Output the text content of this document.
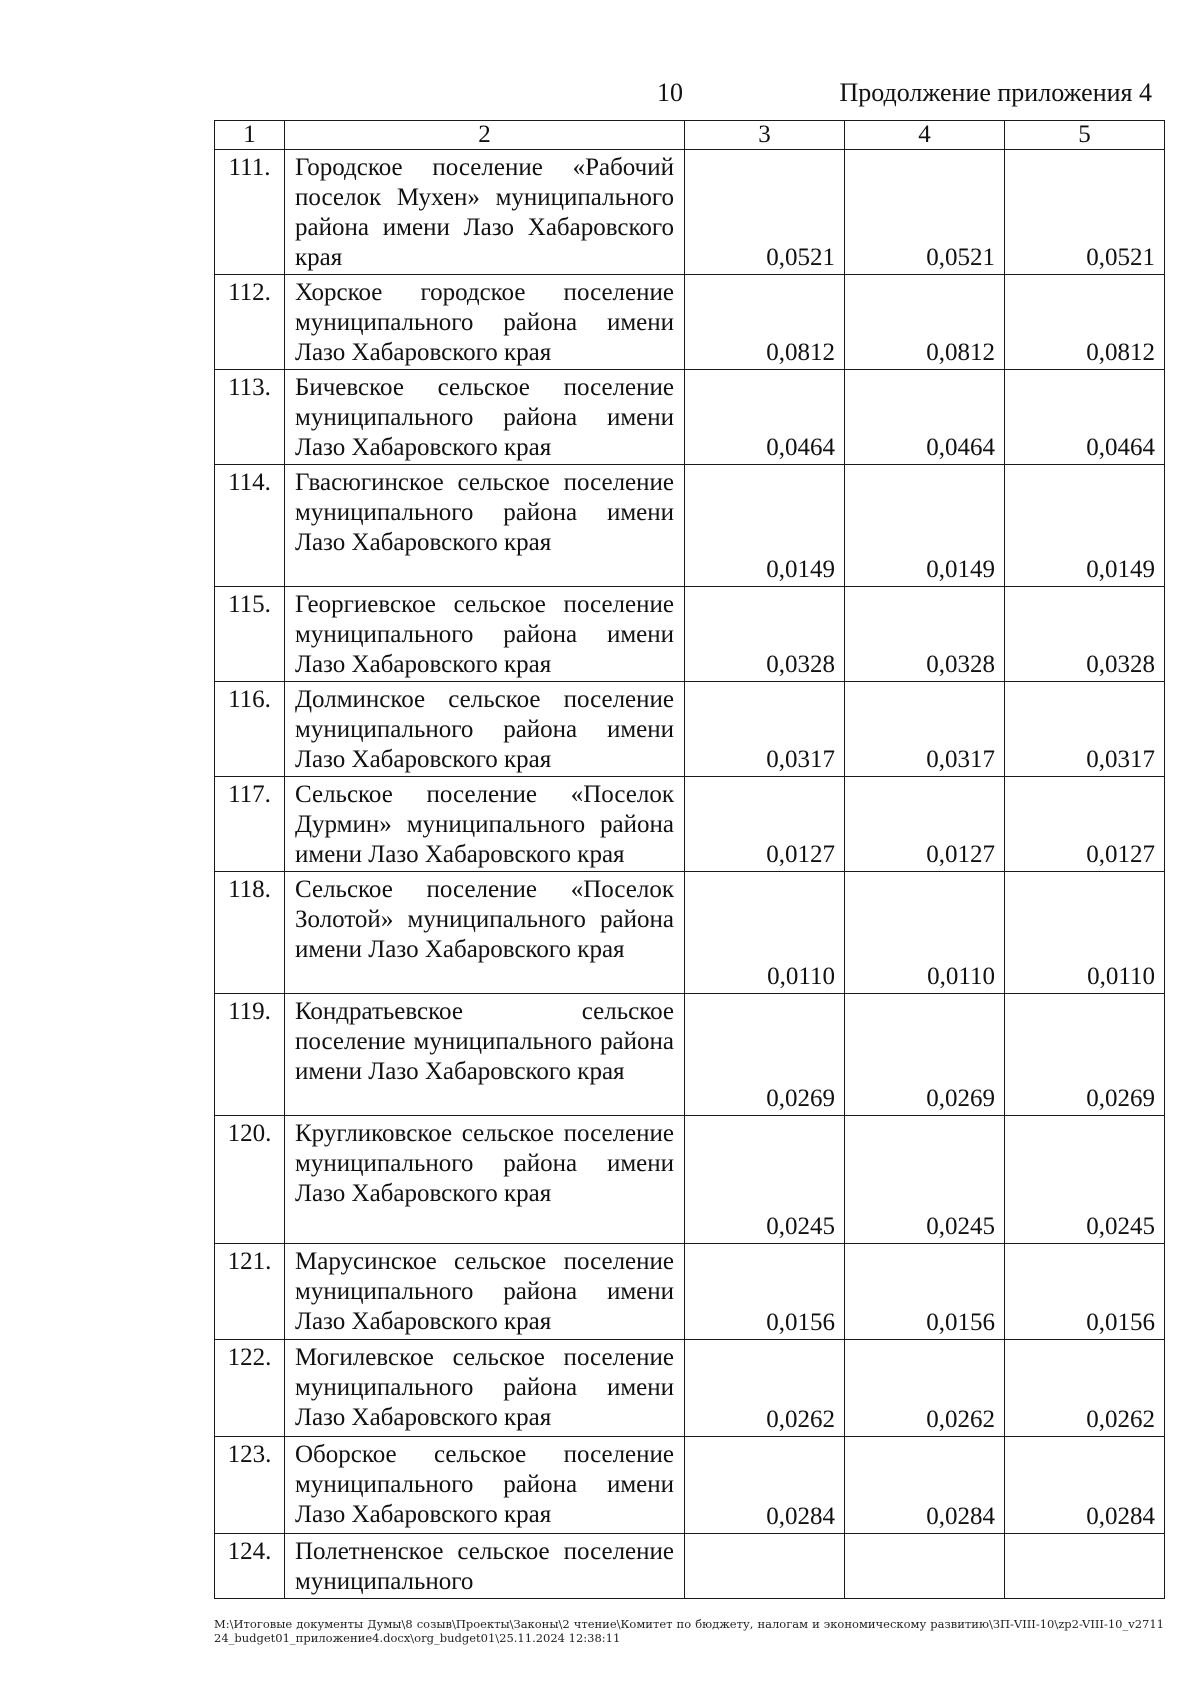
10	Продолжение приложения 4
1	2	3	4	5
111.	Городское поселение «Рабочий поселок Мухен» муниципального района имени Лазо Хабаровского края	0,0521	0,0521	0,0521
112.	Хорское городское поселение муниципального района имени Лазо Хабаровского края	0,0812	0,0812	0,0812
113.	Бичевское сельское поселение муниципального района имени Лазо Хабаровского края	0,0464	0,0464	0,0464
114.	Гвасюгинское сельское поселение муниципального района имени Лазо Хабаровского края	0,0149	0,0149	0,0149
115.	Георгиевское сельское поселение муниципального района имени Лазо Хабаровского края	0,0328	0,0328	0,0328
116.	Долминское сельское поселение муниципального района имени Лазо Хабаровского края	0,0317	0,0317	0,0317
117.	Сельское поселение «Поселок Дурмин» муниципального района имени Лазо Хабаровского края	0,0127	0,0127	0,0127
118.	Сельское поселение «Поселок Золотой» муниципального района имени Лазо Хабаровского края	0,0110	0,0110	0,0110
119.	Кондратьевское сельское поселение муниципального района имени Лазо Хабаровского края	0,0269	0,0269	0,0269
120.	Кругликовское сельское поселение муниципального района имени Лазо Хабаровского края	0,0245	0,0245	0,0245
121.	Марусинское сельское поселение муниципального района имени Лазо Хабаровского края	0,0156	0,0156	0,0156
122.	Могилевское сельское поселение муниципального района имени Лазо Хабаровского края	0,0262	0,0262	0,0262
123.	Оборское сельское поселение муниципального района имени Лазо Хабаровского края	0,0284	0,0284	0,0284
124.	Полетненское сельское поселение муниципального			
M:\Итоговые документы Думы\8 созыв\Проекты\Законы\2 чтение\Комитет по бюджету, налогам и экономическому развитию\ЗП-VIII-10\zp2-VIII-10_v271124_budget01_приложение4.docx\org_budget01\25.11.2024 12:38:11
